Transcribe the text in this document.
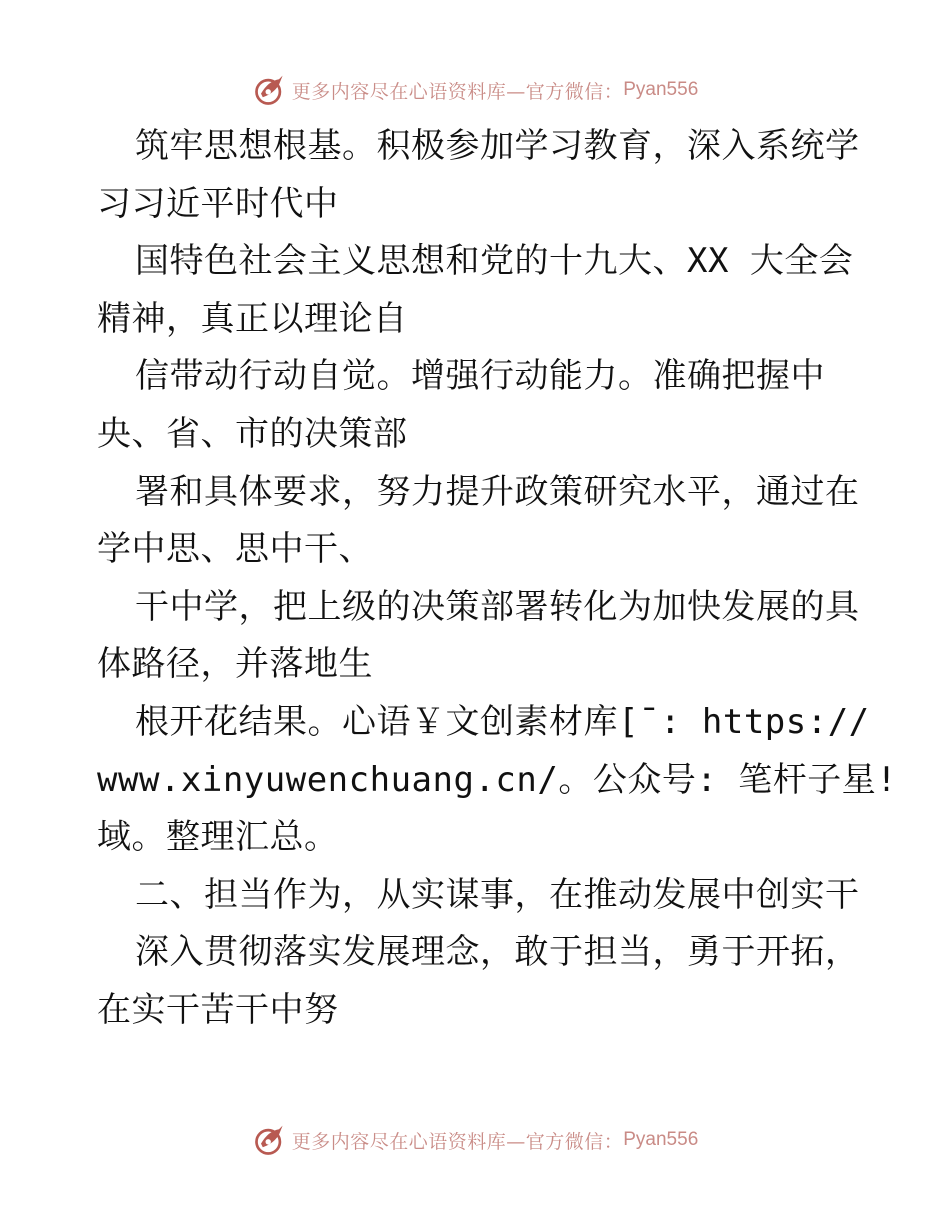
更多内容尽在心语资料库—官方微信： Pyan556
筑牢思想根基。积极参加学习教育，深入系统学
习习近平时代中
国特色社会主义思想和党的十九大、XX 大全会
精神，真正以理论自
信带动行动自觉。增强行动能力。准确把握中
央、省、市的决策部
署和具体要求，努力提升政策研究水平，通过在
学中思、思中干、
干中学，把上级的决策部署转化为加快发展的具
体路径，并落地生
根开花结果。心语￥文创素材库[¯: https://
www.xinyuwenchuang.cn/。公众号: 笔杆子星!
域。整理汇总。
二、担当作为，从实谋事，在推动发展中创实干
深入贯彻落实发展理念，敢于担当，勇于开拓，
在实干苦干中努
更多内容尽在心语资料库—官方微信： Pyan556
